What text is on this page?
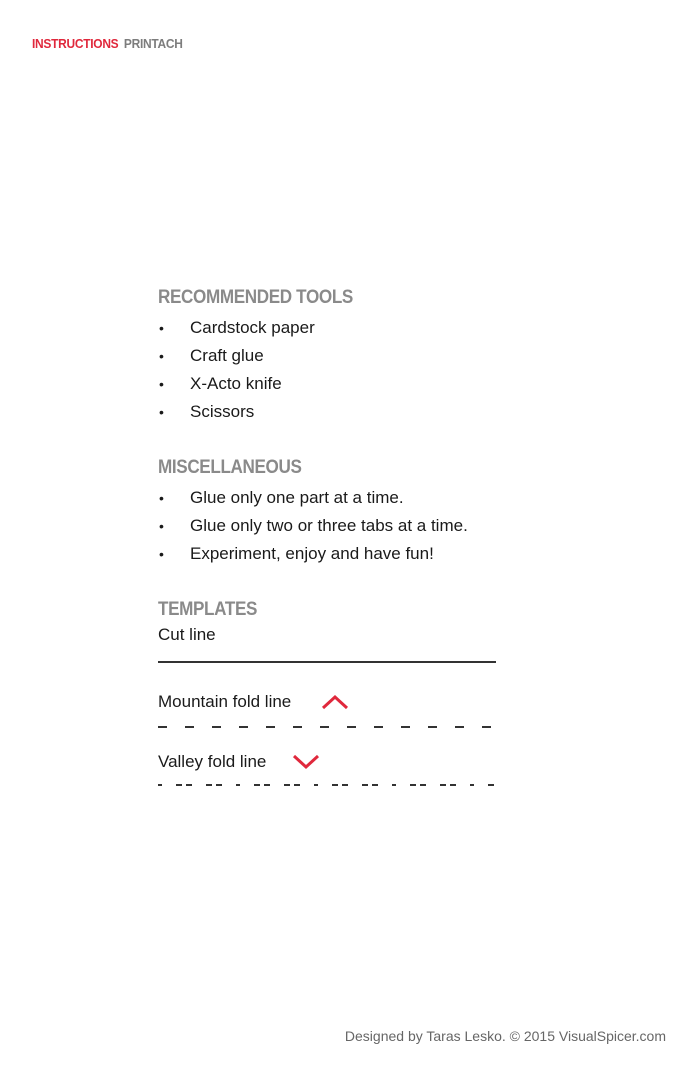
INSTRUCTIONS PRINTACH
RECOMMENDED TOOLS
• Cardstock paper
• Craft glue
• X-Acto knife
• Scissors
MISCELLANEOUS
• Glue only one part at a time.
• Glue only two or three tabs at a time.
• Experiment, enjoy and have fun!
TEMPLATES
Cut line
Mountain fold line
Valley fold line
Designed by Taras Lesko. © 2015 VisualSpicer.com
